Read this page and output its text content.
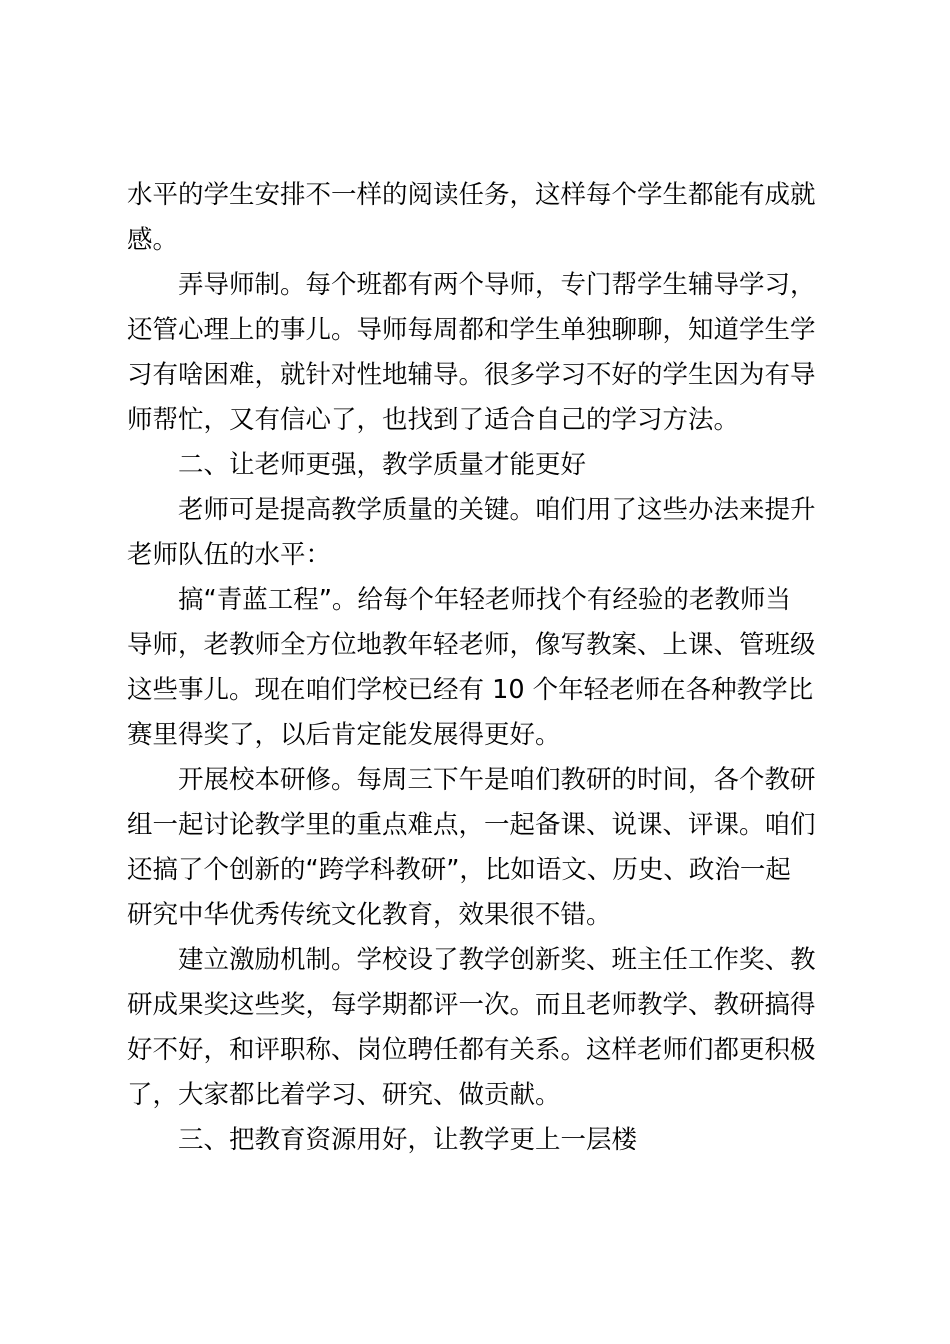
水平的学生安排不一样的阅读任务，这样每个学生都能有成就
感。
弄导师制。每个班都有两个导师，专门帮学生辅导学习，
还管心理上的事儿。导师每周都和学生单独聊聊，知道学生学
习有啥困难，就针对性地辅导。很多学习不好的学生因为有导
师帮忙，又有信心了，也找到了适合自己的学习方法。
二、让老师更强，教学质量才能更好
老师可是提高教学质量的关键。咱们用了这些办法来提升
老师队伍的水平：
搞“青蓝工程”。给每个年轻老师找个有经验的老教师当
导师，老教师全方位地教年轻老师，像写教案、上课、管班级
这些事儿。现在咱们学校已经有 10 个年轻老师在各种教学比
赛里得奖了，以后肯定能发展得更好。
开展校本研修。每周三下午是咱们教研的时间，各个教研
组一起讨论教学里的重点难点，一起备课、说课、评课。咱们
还搞了个创新的“跨学科教研”，比如语文、历史、政治一起
研究中华优秀传统文化教育，效果很不错。
建立激励机制。学校设了教学创新奖、班主任工作奖、教
研成果奖这些奖，每学期都评一次。而且老师教学、教研搞得
好不好，和评职称、岗位聘任都有关系。这样老师们都更积极
了，大家都比着学习、研究、做贡献。
三、把教育资源用好，让教学更上一层楼
